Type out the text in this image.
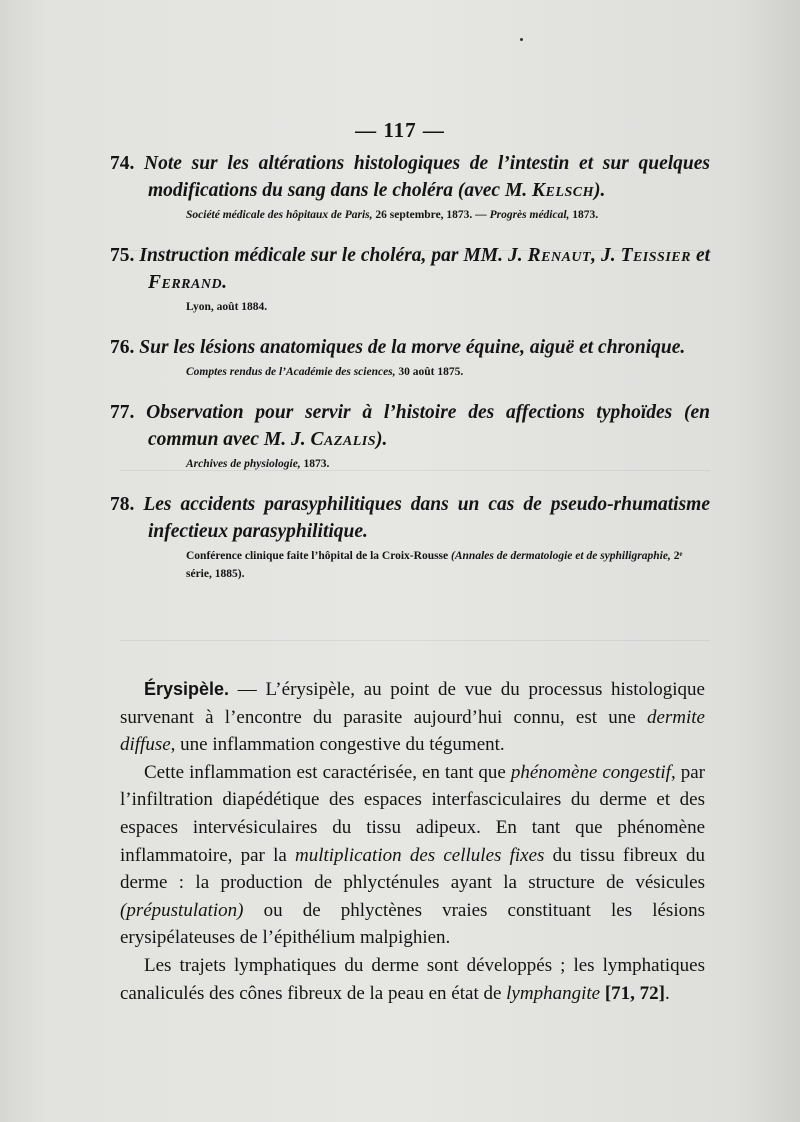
— 117 —
74. Note sur les altérations histologiques de l’intestin et sur quelques modifications du sang dans le choléra (avec M. Kelsch).
Société médicale des hôpitaux de Paris, 26 septembre, 1873. — Progrès médical, 1873.
75. Instruction médicale sur le choléra, par MM. J. Renaut, J. Teissier et Ferrand.
Lyon, août 1884.
76. Sur les lésions anatomiques de la morve équine, aiguë et chronique.
Comptes rendus de l’Académie des sciences, 30 août 1875.
77. Observation pour servir à l’histoire des affections typhoïdes (en commun avec M. J. Cazalis).
Archives de physiologie, 1873.
78. Les accidents parasyphilitiques dans un cas de pseudo-rhumatisme infectieux parasyphilitique.
Conférence clinique faite l’hôpital de la Croix-Rousse (Annales de dermatologie et de syphiligraphie, 2ᵉ série, 1885).

Érysipèle. — L’érysipèle, au point de vue du processus histologique survenant à l’encontre du parasite aujourd’hui connu, est une dermite diffuse, une inflammation congestive du tégument.

Cette inflammation est caractérisée, en tant que phénomène congestif, par l’infiltration diapédétique des espaces interfasciculaires du derme et des espaces intervésiculaires du tissu adipeux. En tant que phénomène inflammatoire, par la multiplication des cellules fixes du tissu fibreux du derme : la production de phlycténules ayant la structure de vésicules (prépustulation) ou de phlyctènes vraies constituant les lésions erysipélateuses de l’épithélium malpighien.

Les trajets lymphatiques du derme sont développés ; les lymphatiques canaliculés des cônes fibreux de la peau en état de lymphangite [71, 72].
